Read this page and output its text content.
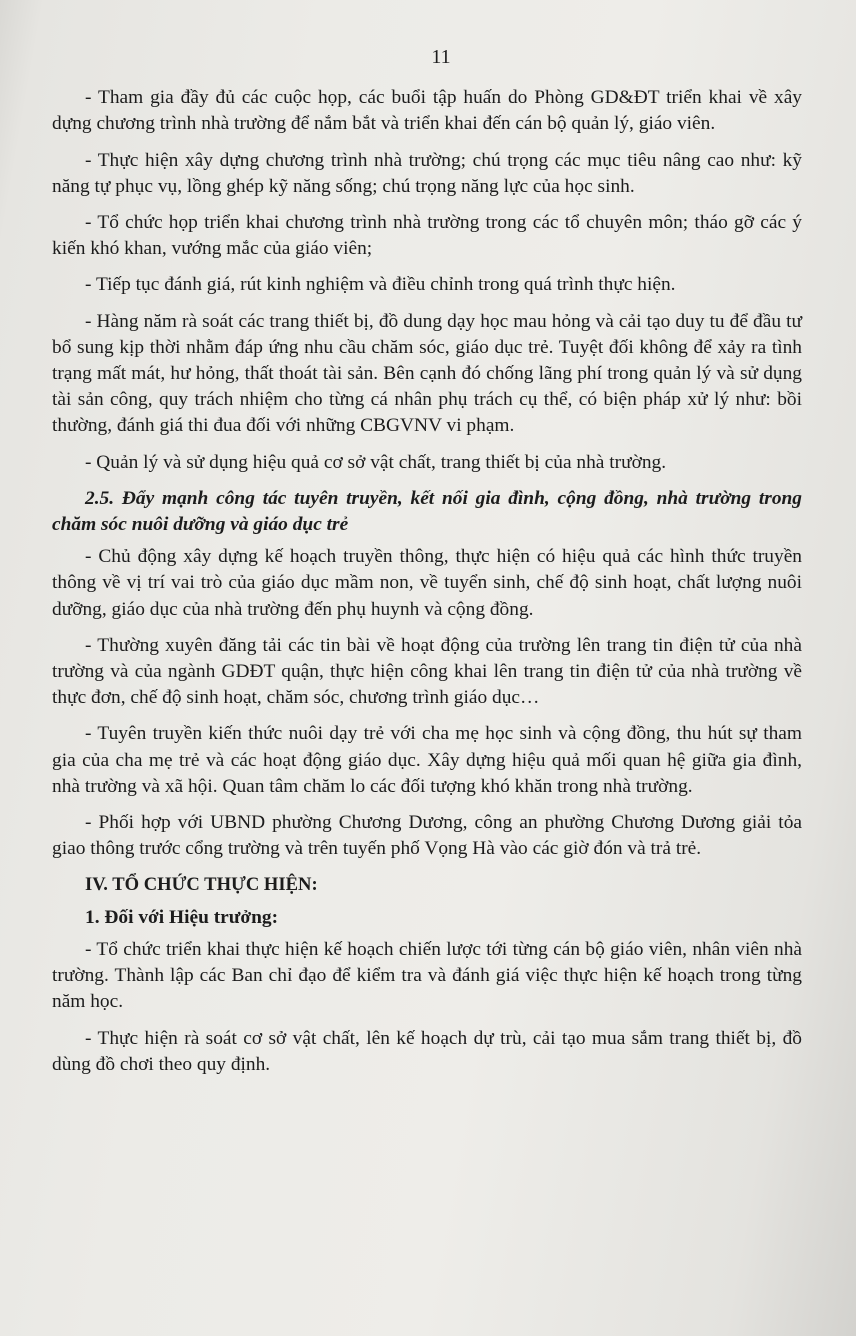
11

- Tham gia đầy đủ các cuộc họp, các buổi tập huấn do Phòng GD&ĐT triển khai về xây dựng chương trình nhà trường để nắm bắt và triển khai đến cán bộ quản lý, giáo viên.

- Thực hiện xây dựng chương trình nhà trường; chú trọng các mục tiêu nâng cao như: kỹ năng tự phục vụ, lồng ghép kỹ năng sống; chú trọng năng lực của học sinh.

- Tổ chức họp triển khai chương trình nhà trường trong các tổ chuyên môn; tháo gỡ các ý kiến khó khan, vướng mắc của giáo viên;

- Tiếp tục đánh giá, rút kinh nghiệm và điều chỉnh trong quá trình thực hiện.

- Hàng năm rà soát các trang thiết bị, đồ dung dạy học mau hỏng và cải tạo duy tu để đầu tư bổ sung kịp thời nhằm đáp ứng nhu cầu chăm sóc, giáo dục trẻ. Tuyệt đối không để xảy ra tình trạng mất mát, hư hỏng, thất thoát tài sản. Bên cạnh đó chống lãng phí trong quản lý và sử dụng tài sản công, quy trách nhiệm cho từng cá nhân phụ trách cụ thể, có biện pháp xử lý như: bồi thường, đánh giá thi đua đối với những CBGVNV vi phạm.

- Quản lý và sử dụng hiệu quả cơ sở vật chất, trang thiết bị của nhà trường.

2.5. Đẩy mạnh công tác tuyên truyền, kết nối gia đình, cộng đồng, nhà trường trong chăm sóc nuôi dưỡng và giáo dục trẻ

- Chủ động xây dựng kế hoạch truyền thông, thực hiện có hiệu quả các hình thức truyền thông về vị trí vai trò của giáo dục mầm non, về tuyển sinh, chế độ sinh hoạt, chất lượng nuôi dưỡng, giáo dục của nhà trường đến phụ huynh và cộng đồng.

- Thường xuyên đăng tải các tin bài về hoạt động của trường lên trang tin điện tử của nhà trường và của ngành GDĐT quận, thực hiện công khai lên trang tin điện tử của nhà trường về thực đơn, chế độ sinh hoạt, chăm sóc, chương trình giáo dục…

- Tuyên truyền kiến thức nuôi dạy trẻ với cha mẹ học sinh và cộng đồng, thu hút sự tham gia của cha mẹ trẻ và các hoạt động giáo dục. Xây dựng hiệu quả mối quan hệ giữa gia đình, nhà trường và xã hội. Quan tâm chăm lo các đối tượng khó khăn trong nhà trường.

- Phối hợp với UBND phường Chương Dương, công an phường Chương Dương giải tỏa giao thông trước cổng trường và trên tuyến phố Vọng Hà vào các giờ đón và trả trẻ.

IV. TỔ CHỨC THỰC HIỆN:

1. Đối với Hiệu trưởng:

- Tổ chức triển khai thực hiện kế hoạch chiến lược tới từng cán bộ giáo viên, nhân viên nhà trường. Thành lập các Ban chỉ đạo để kiểm tra và đánh giá việc thực hiện kế hoạch trong từng năm học.

- Thực hiện rà soát cơ sở vật chất, lên kế hoạch dự trù, cải tạo mua sắm trang thiết bị, đồ dùng đồ chơi theo quy định.
